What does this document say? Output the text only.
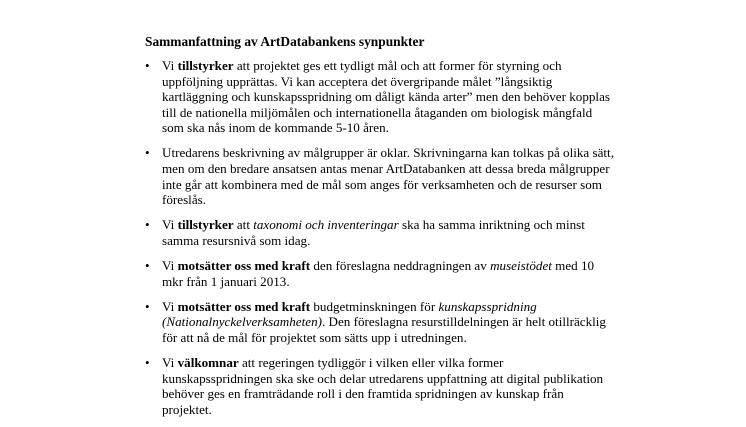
Sammanfattning av ArtDatabankens synpunkter
• Vi tillstyrker att projektet ges ett tydligt mål och att former för styrning och uppföljning upprättas. Vi kan acceptera det övergripande målet ”långsiktig kartläggning och kunskapsspridning om dåligt kända arter” men den behöver kopplas till de nationella miljömålen och internationella åtaganden om biologisk mångfald som ska nås inom de kommande 5-10 åren.
• Utredarens beskrivning av målgrupper är oklar. Skrivningarna kan tolkas på olika sätt, men om den bredare ansatsen antas menar ArtDatabanken att dessa breda målgrupper inte går att kombinera med de mål som anges för verksamheten och de resurser som föreslås.
• Vi tillstyrker att taxonomi och inventeringar ska ha samma inriktning och minst samma resursnivå som idag.
• Vi motsätter oss med kraft den föreslagna neddragningen av museistödet med 10 mkr från 1 januari 2013.
• Vi motsätter oss med kraft budgetminskningen för kunskapsspridning (Nationalnyckelverksamheten). Den föreslagna resurstilldelningen är helt otillräcklig för att nå de mål för projektet som sätts upp i utredningen.
• Vi välkomnar att regeringen tydliggör i vilken eller vilka former kunskapsspridningen ska ske och delar utredarens uppfattning att digital publikation behöver ges en framträdande roll i den framtida spridningen av kunskap från projektet.
